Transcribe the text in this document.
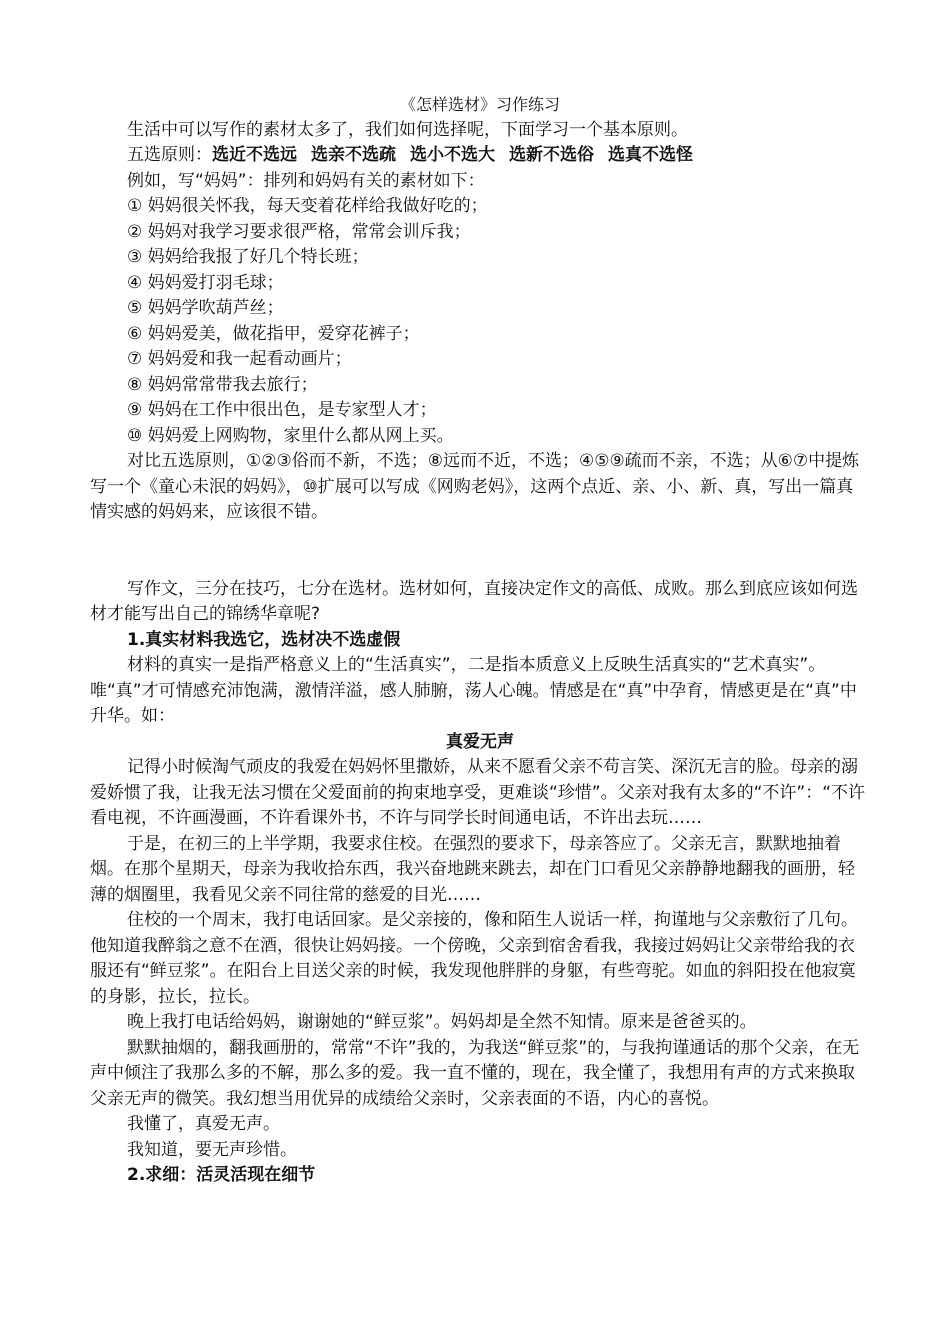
《怎样选材》习作练习

生活中可以写作的素材太多了，我们如何选择呢，下面学习一个基本原则。

五选原则：选近不选远 选亲不选疏 选小不选大 选新不选俗 选真不选怪

例如，写“妈妈”：排列和妈妈有关的素材如下：

① 妈妈很关怀我，每天变着花样给我做好吃的；

② 妈妈对我学习要求很严格，常常会训斥我；

③ 妈妈给我报了好几个特长班；

④ 妈妈爱打羽毛球；

⑤ 妈妈学吹葫芦丝；

⑥ 妈妈爱美，做花指甲，爱穿花裤子；

⑦ 妈妈爱和我一起看动画片；

⑧ 妈妈常常带我去旅行；

⑨ 妈妈在工作中很出色，是专家型人才；

⑩ 妈妈爱上网购物，家里什么都从网上买。

对比五选原则，①②③俗而不新，不选；⑧远而不近，不选；④⑤⑨疏而不亲，不选；从⑥⑦中提炼写一个《童心未泯的妈妈》，⑩扩展可以写成《网购老妈》，这两个点近、亲、小、新、真，写出一篇真情实感的妈妈来，应该很不错。

写作文，三分在技巧，七分在选材。选材如何，直接决定作文的高低、成败。那么到底应该如何选材才能写出自己的锦绣华章呢?

1.真实材料我选它，选材决不选虚假

材料的真实一是指严格意义上的“生活真实”，二是指本质意义上反映生活真实的“艺术真实”。唯“真”才可情感充沛饱满，激情洋溢，感人肺腑，荡人心魄。情感是在“真”中孕育，情感更是在“真”中升华。如：

真爱无声

记得小时候淘气顽皮的我爱在妈妈怀里撒娇，从来不愿看父亲不苟言笑、深沉无言的脸。母亲的溺爱娇惯了我，让我无法习惯在父爱面前的拘束地享受，更难谈“珍惜”。父亲对我有太多的“不许”：“不许看电视，不许画漫画，不许看课外书，不许与同学长时间通电话，不许出去玩……

于是，在初三的上半学期，我要求住校。在强烈的要求下，母亲答应了。父亲无言，默默地抽着烟。在那个星期天，母亲为我收拾东西，我兴奋地跳来跳去，却在门口看见父亲静静地翻我的画册，轻薄的烟圈里，我看见父亲不同往常的慈爱的目光……

住校的一个周末，我打电话回家。是父亲接的，像和陌生人说话一样，拘谨地与父亲敷衍了几句。他知道我醉翁之意不在酒，很快让妈妈接。一个傍晚，父亲到宿舍看我，我接过妈妈让父亲带给我的衣服还有“鲜豆浆”。在阳台上目送父亲的时候，我发现他胖胖的身躯，有些弯驼。如血的斜阳投在他寂寞的身影，拉长，拉长。

晚上我打电话给妈妈，谢谢她的“鲜豆浆”。妈妈却是全然不知情。原来是爸爸买的。

默默抽烟的，翻我画册的，常常“不许”我的，为我送“鲜豆浆”的，与我拘谨通话的那个父亲，在无声中倾注了我那么多的不解，那么多的爱。我一直不懂的，现在，我全懂了，我想用有声的方式来换取父亲无声的微笑。我幻想当用优异的成绩给父亲时，父亲表面的不语，内心的喜悦。

我懂了，真爱无声。

我知道，要无声珍惜。

2.求细：活灵活现在细节
